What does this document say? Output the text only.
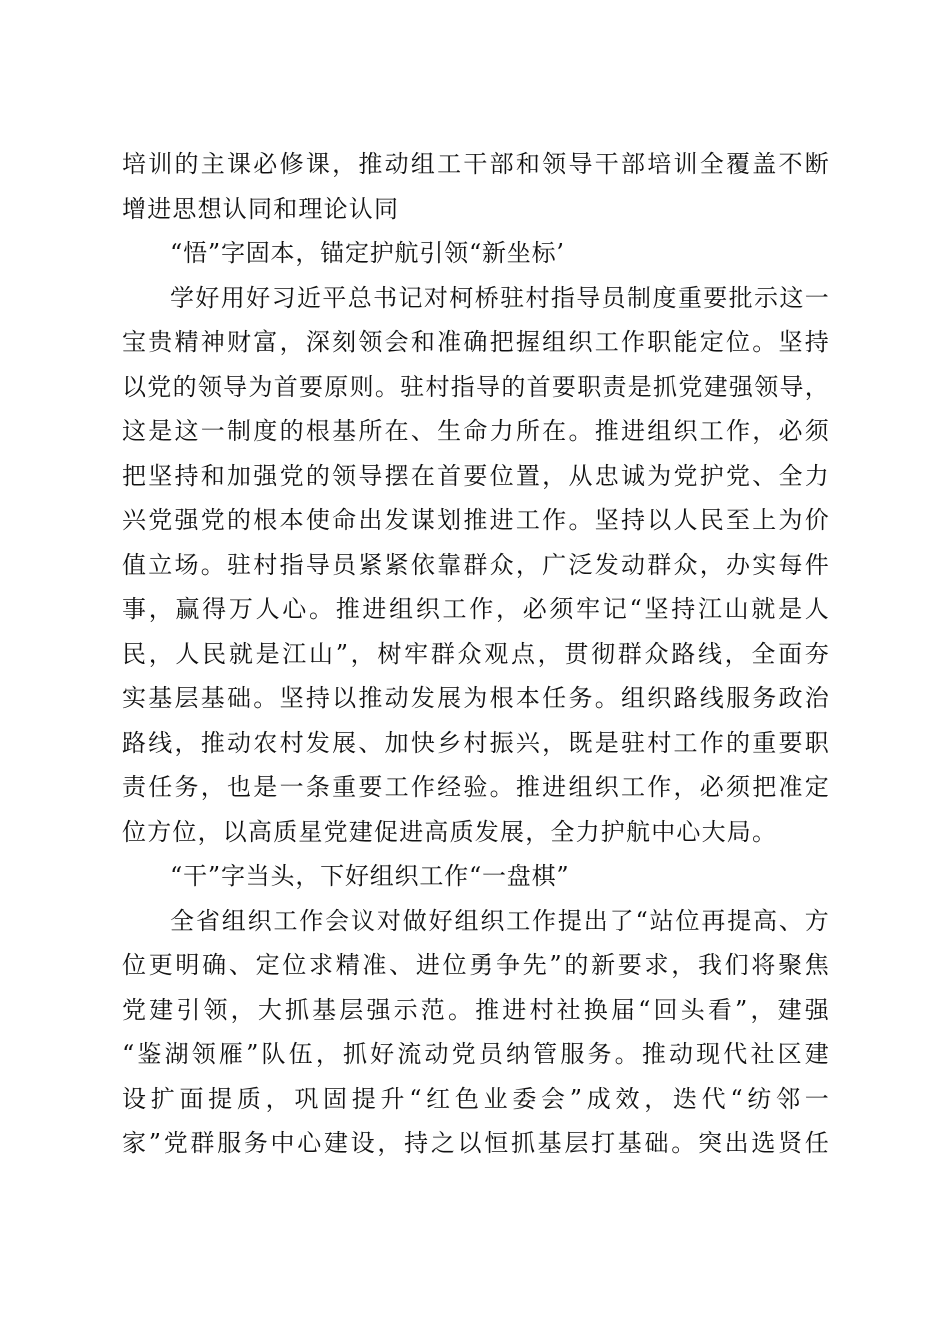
培训的主课必修课，推动组工干部和领导干部培训全覆盖不断
增进思想认同和理论认同
“悟”字固本，锚定护航引领“新坐标’
学好用好习近平总书记对柯桥驻村指导员制度重要批示这一
宝贵精神财富，深刻领会和准确把握组织工作职能定位。坚持
以党的领导为首要原则。驻村指导的首要职责是抓党建强领导，
这是这一制度的根基所在、生命力所在。推进组织工作，必须
把坚持和加强党的领导摆在首要位置，从忠诚为党护党、全力
兴党强党的根本使命出发谋划推进工作。坚持以人民至上为价
值立场。驻村指导员紧紧依靠群众，广泛发动群众，办实每件
事，赢得万人心。推进组织工作，必须牢记“坚持江山就是人
民，人民就是江山”，树牢群众观点，贯彻群众路线，全面夯
实基层基础。坚持以推动发展为根本任务。组织路线服务政治
路线，推动农村发展、加快乡村振兴，既是驻村工作的重要职
责任务，也是一条重要工作经验。推进组织工作，必须把准定
位方位，以高质星党建促进高质发展，全力护航中心大局。
“干”字当头，下好组织工作“一盘棋”
全省组织工作会议对做好组织工作提出了“站位再提高、方
位更明确、定位求精准、进位勇争先”的新要求，我们将聚焦
党建引领，大抓基层强示范。推进村社换届“回头看”，建强
“鉴湖领雁”队伍，抓好流动党员纳管服务。推动现代社区建
设扩面提质，巩固提升“红色业委会”成效，迭代“纺邻一
家”党群服务中心建设，持之以恒抓基层打基础。突出选贤任
